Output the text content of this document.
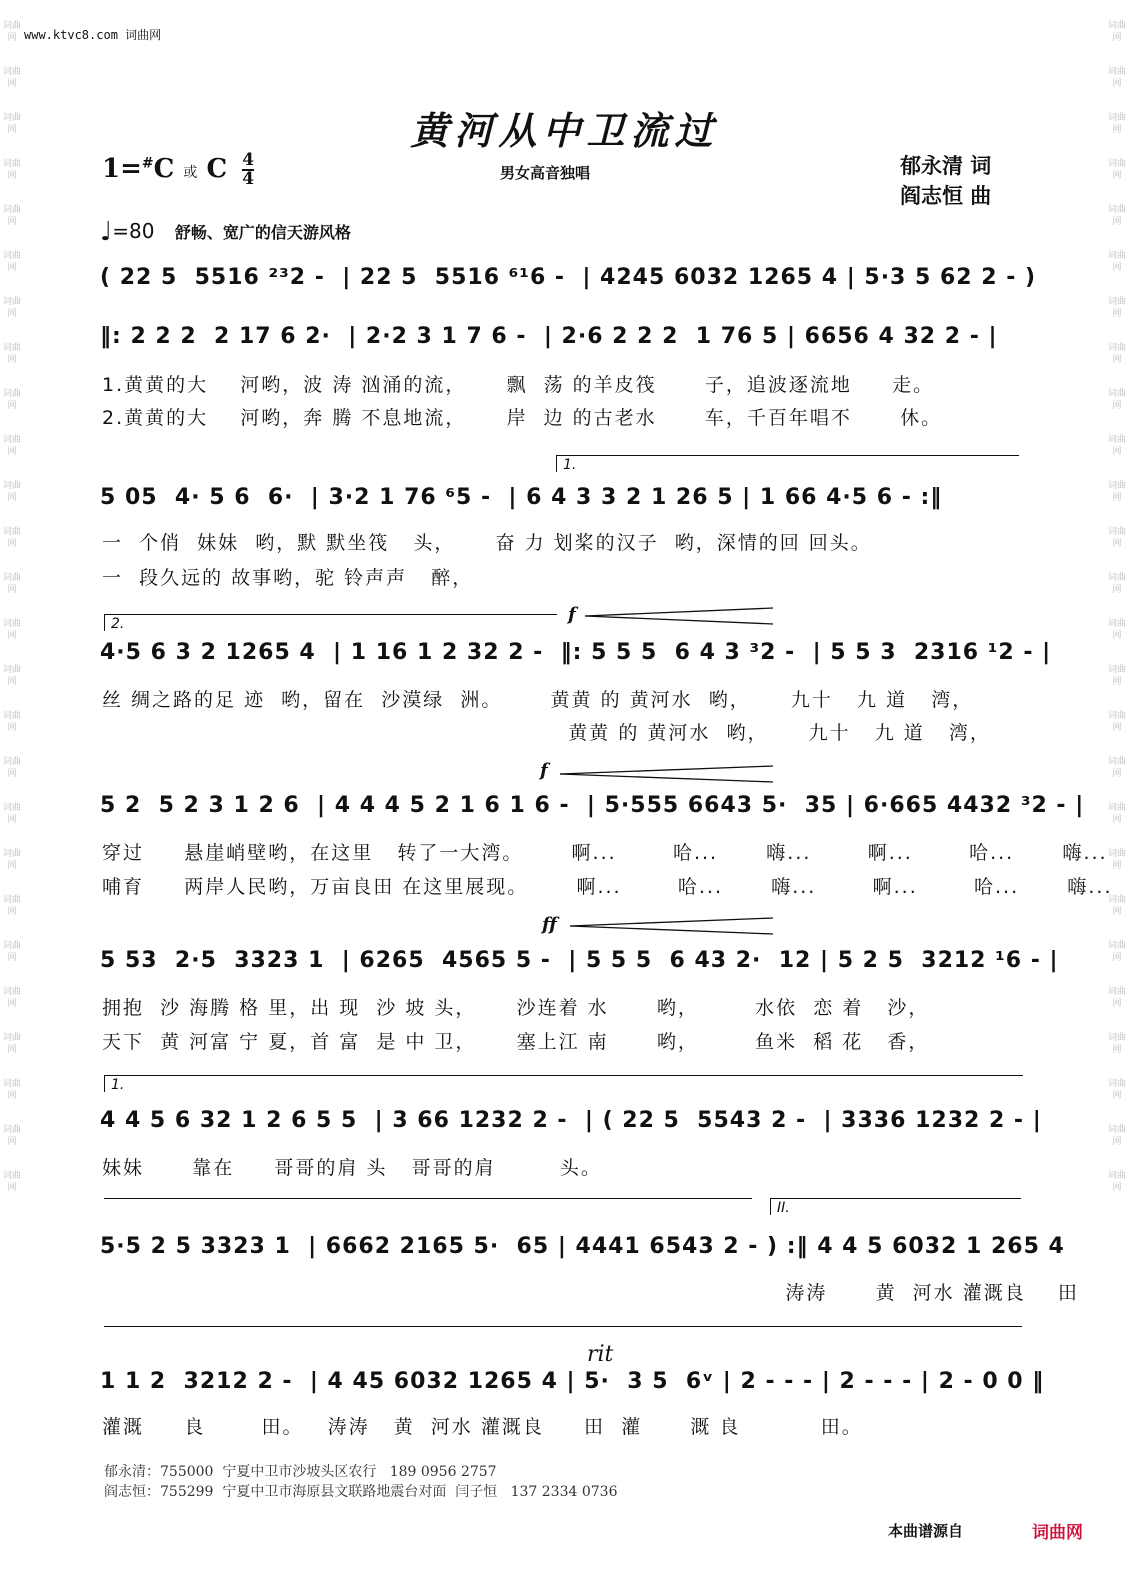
www.ktvc8.com 词曲网
词曲网
词曲网
词曲网
词曲网
词曲网
词曲网
词曲网
词曲网
词曲网
词曲网
词曲网
词曲网
词曲网
词曲网
词曲网
词曲网
词曲网
词曲网
词曲网
词曲网
词曲网
词曲网
词曲网
词曲网
词曲网
词曲网
词曲网
词曲网
词曲网
词曲网
词曲网
词曲网
词曲网
词曲网
词曲网
词曲网
词曲网
词曲网
词曲网
词曲网
词曲网
词曲网
词曲网
词曲网
词曲网
词曲网
词曲网
词曲网
词曲网
词曲网
词曲网
词曲网
黄河从中卫流过
1=#C 或 C $\frac{4}{4}$	男女高音独唱	郁永清 词
阎志恒 曲
♩=80 舒畅、宽广的信天游风格
( 22 5  5516 ²³2 -  | 22 5  5516 ⁶¹6 -  | 4245 6032 1265 4 | 5·3 5 62 2 - )
‖: 2 2 2  2 17 6 2·  | 2·2 3 1 7 6 -  | 2·6 2 2 2  1 76 5 | 6656 4 32 2 - |
1.黄黄的大    河哟，波 涛 汹涌的流，     飘  荡 的羊皮筏      子，追波逐流地     走。
2.黄黄的大    河哟，奔 腾 不息地流，     岸  边 的古老水      车，千百年唱不      休。
1.
5 05  4· 5 6  6·  | 3·2 1 76 ⁶5 -  | 6 4 3 3 2 1 26 5 | 1 66 4·5 6 - :‖
一  个俏  妹妹  哟，默 默坐筏   头，     奋 力 划桨的汉子  哟，深情的回 回头。
一  段久远的 故事哟，驼 铃声声   醉，
2.	f
4·5 6 3 2 1265 4  | 1 16 1 2 32 2 -  ‖: 5 5 5  6 4 3 ³2 -  | 5 5 3  2316 ¹2 - |
丝 绸之路的足 迹  哟，留在  沙漠绿  洲。      黄黄 的 黄河水  哟，     九十   九 道   湾，
黄黄 的 黄河水  哟，     九十   九 道   湾，
f
5 2  5 2 3 1 2 6  | 4 4 4 5 2 1 6 1 6 -  | 5·555 6643 5·  35 | 6·665 4432 ³2 - |
穿过     悬崖峭壁哟，在这里   转了一大湾。      啊...       哈...      嗨...       啊...       哈...      嗨...
哺育     两岸人民哟，万亩良田 在这里展现。      啊...       哈...      嗨...       啊...       哈...      嗨...
ff
5 53  2·5  3323 1  | 6265  4565 5 -  | 5 5 5  6 43 2·  12 | 5 2 5  3212 ¹6 - |
拥抱  沙 海腾 格 里，出 现  沙 坡 头，     沙连着 水      哟，       水依  恋 着   沙，
天下  黄 河富 宁 夏，首 富  是 中 卫，     塞上江 南      哟，       鱼米  稻 花   香，
1.
4 4 5 6 32 1 2 6 5 5  | 3 66 1232 2 -  | ( 22 5  5543 2 -  | 3336 1232 2 - |
妹妹      靠在     哥哥的肩 头   哥哥的肩        头。
II.
5·5 2 5 3323 1  | 6662 2165 5·  65 | 4441 6543 2 - ) :‖ 4 4 5 6032 1 265 4
涛涛      黄  河水 灌溉良    田
rit
1 1 2  3212 2 -  | 4 45 6032 1265 4 | 5·  3 5  6ᵛ | 2 - - - | 2 - - - | 2 - 0 0 ‖
灌溉     良       田。   涛涛   黄  河水 灌溉良     田  灌      溉 良          田。
郁永清：755000  宁夏中卫市沙坡头区农行   189 0956 2757
阎志恒：755299  宁夏中卫市海原县文联路地震台对面  闫子恒   137 2334 0736
本曲谱源自	词曲网
